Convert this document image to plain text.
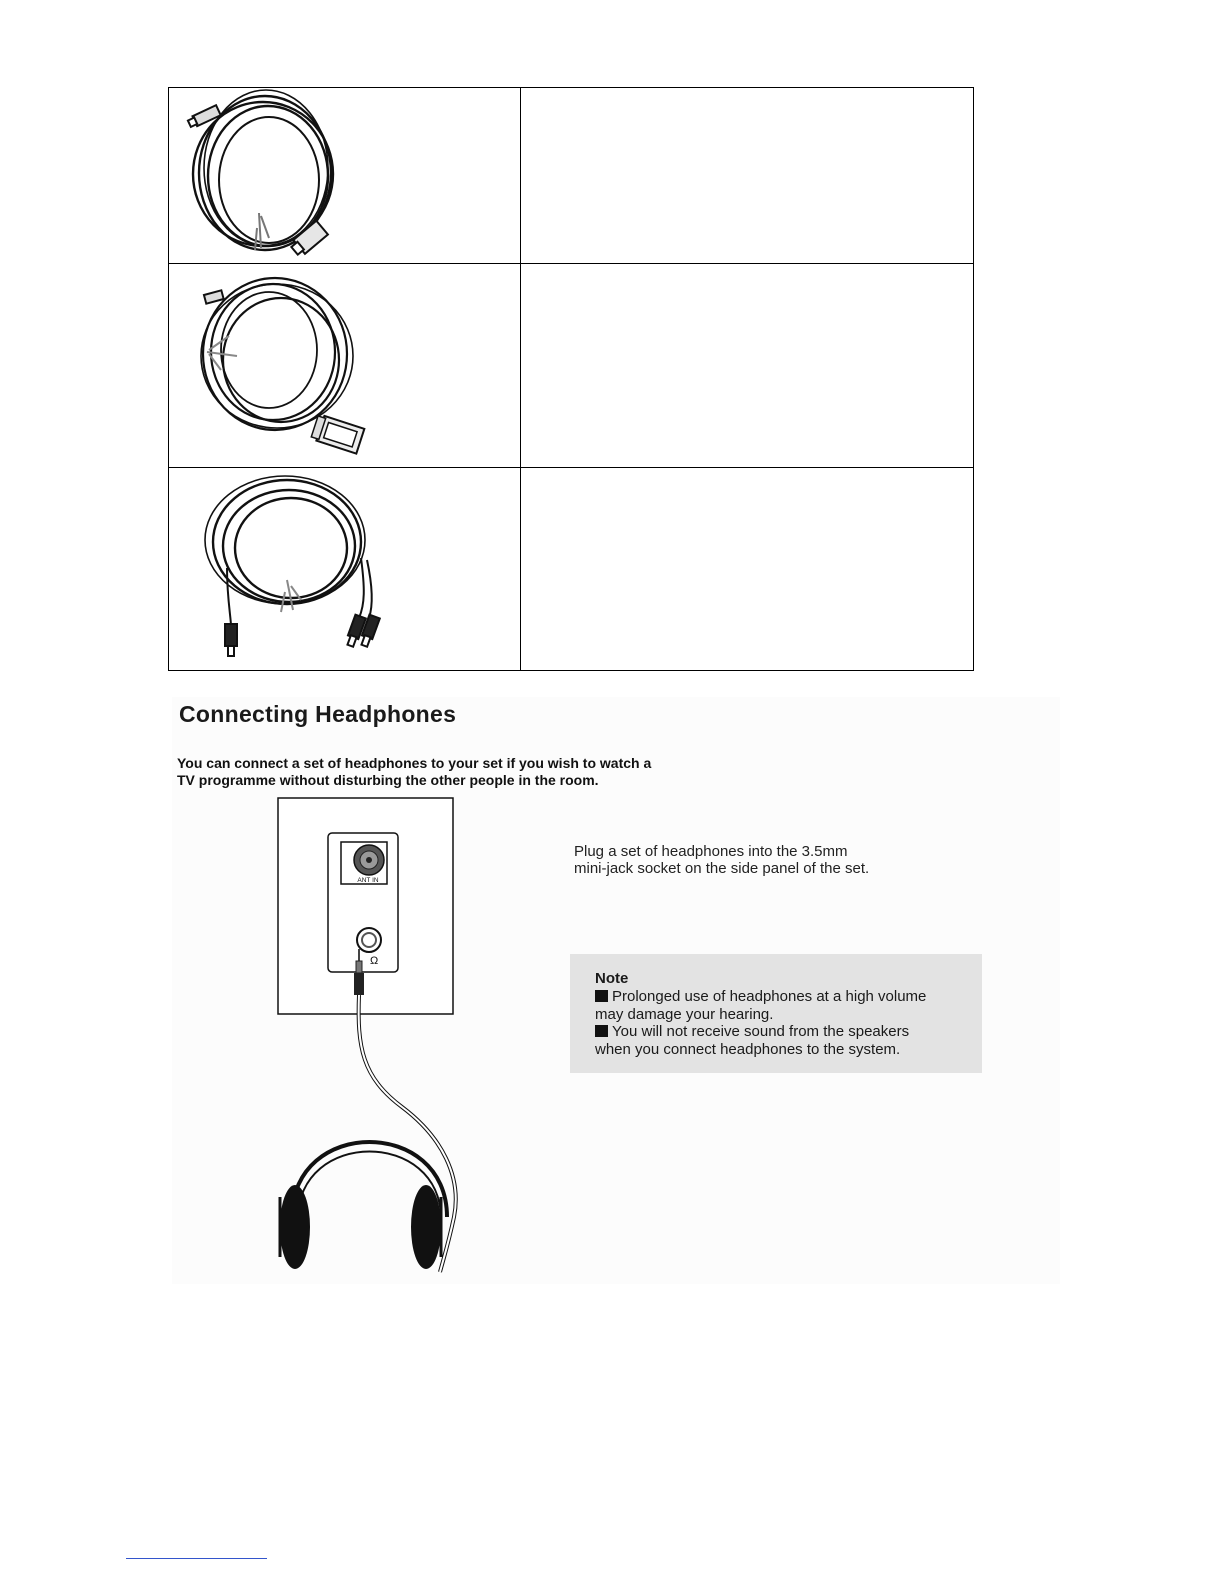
Connecting Headphones

You can connect a set of headphones to your set if you wish to watch a
TV programme without disturbing the other people in the room.

ANT IN
Ω

Plug a set of headphones into the 3.5mm
mini-jack socket on the side panel of the set.

Note

Prolonged use of headphones at a high volume
may damage your hearing.
You will not receive sound from the speakers
when you connect headphones to the system.
